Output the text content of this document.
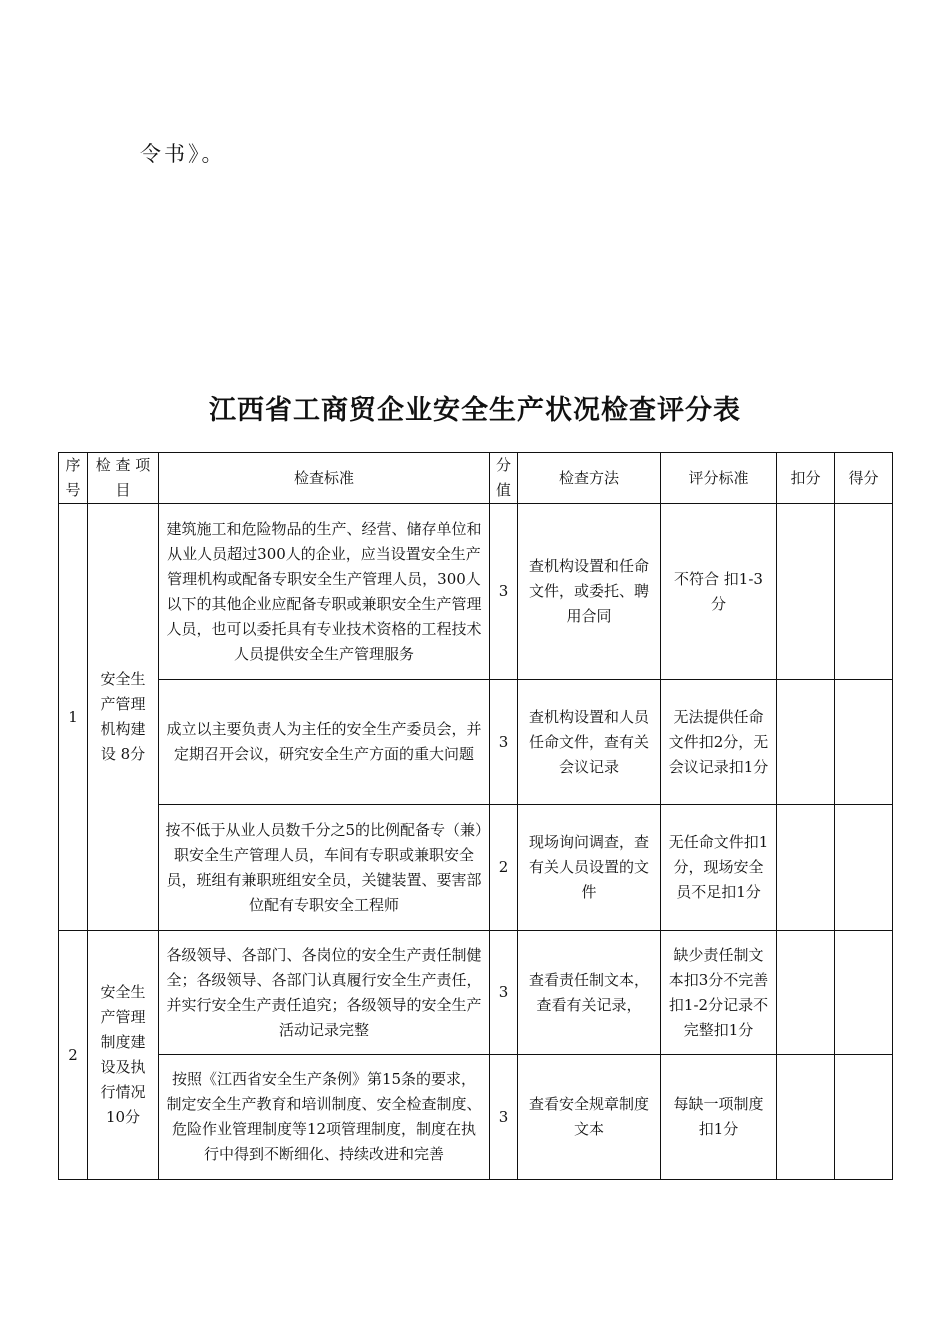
令书》。
江西省工商贸企业安全生产状况检查评分表
序号	检 查 项 目	检查标准	分值	检查方法	评分标准	扣分	得分
1	安全生产管理机构建设 8分	建筑施工和危险物品的生产、经营、储存单位和从业人员超过300人的企业，应当设置安全生产管理机构或配备专职安全生产管理人员，300人以下的其他企业应配备专职或兼职安全生产管理人员，也可以委托具有专业技术资格的工程技术人员提供安全生产管理服务	3	查机构设置和任命文件，或委托、聘用合同	不符合 扣1-3分		
		成立以主要负责人为主任的安全生产委员会，并定期召开会议，研究安全生产方面的重大问题	3	查机构设置和人员任命文件，查有关会议记录	无法提供任命文件扣2分，无会议记录扣1分		
		按不低于从业人员数千分之5的比例配备专（兼）职安全生产管理人员，车间有专职或兼职安全员，班组有兼职班组安全员，关键装置、要害部位配有专职安全工程师	2	现场询问调查，查有关人员设置的文件	无任命文件扣1分，现场安全员不足扣1分		
2	安全生产管理制度建设及执行情况 10分	各级领导、各部门、各岗位的安全生产责任制健全；各级领导、各部门认真履行安全生产责任，并实行安全生产责任追究；各级领导的安全生产活动记录完整	3	查看责任制文本，查看有关记录，	缺少责任制文本扣3分不完善扣1-2分记录不完整扣1分		
		按照《江西省安全生产条例》第15条的要求，制定安全生产教育和培训制度、安全检查制度、危险作业管理制度等12项管理制度，制度在执行中得到不断细化、持续改进和完善	3	查看安全规章制度文本	每缺一项制度扣1分		
